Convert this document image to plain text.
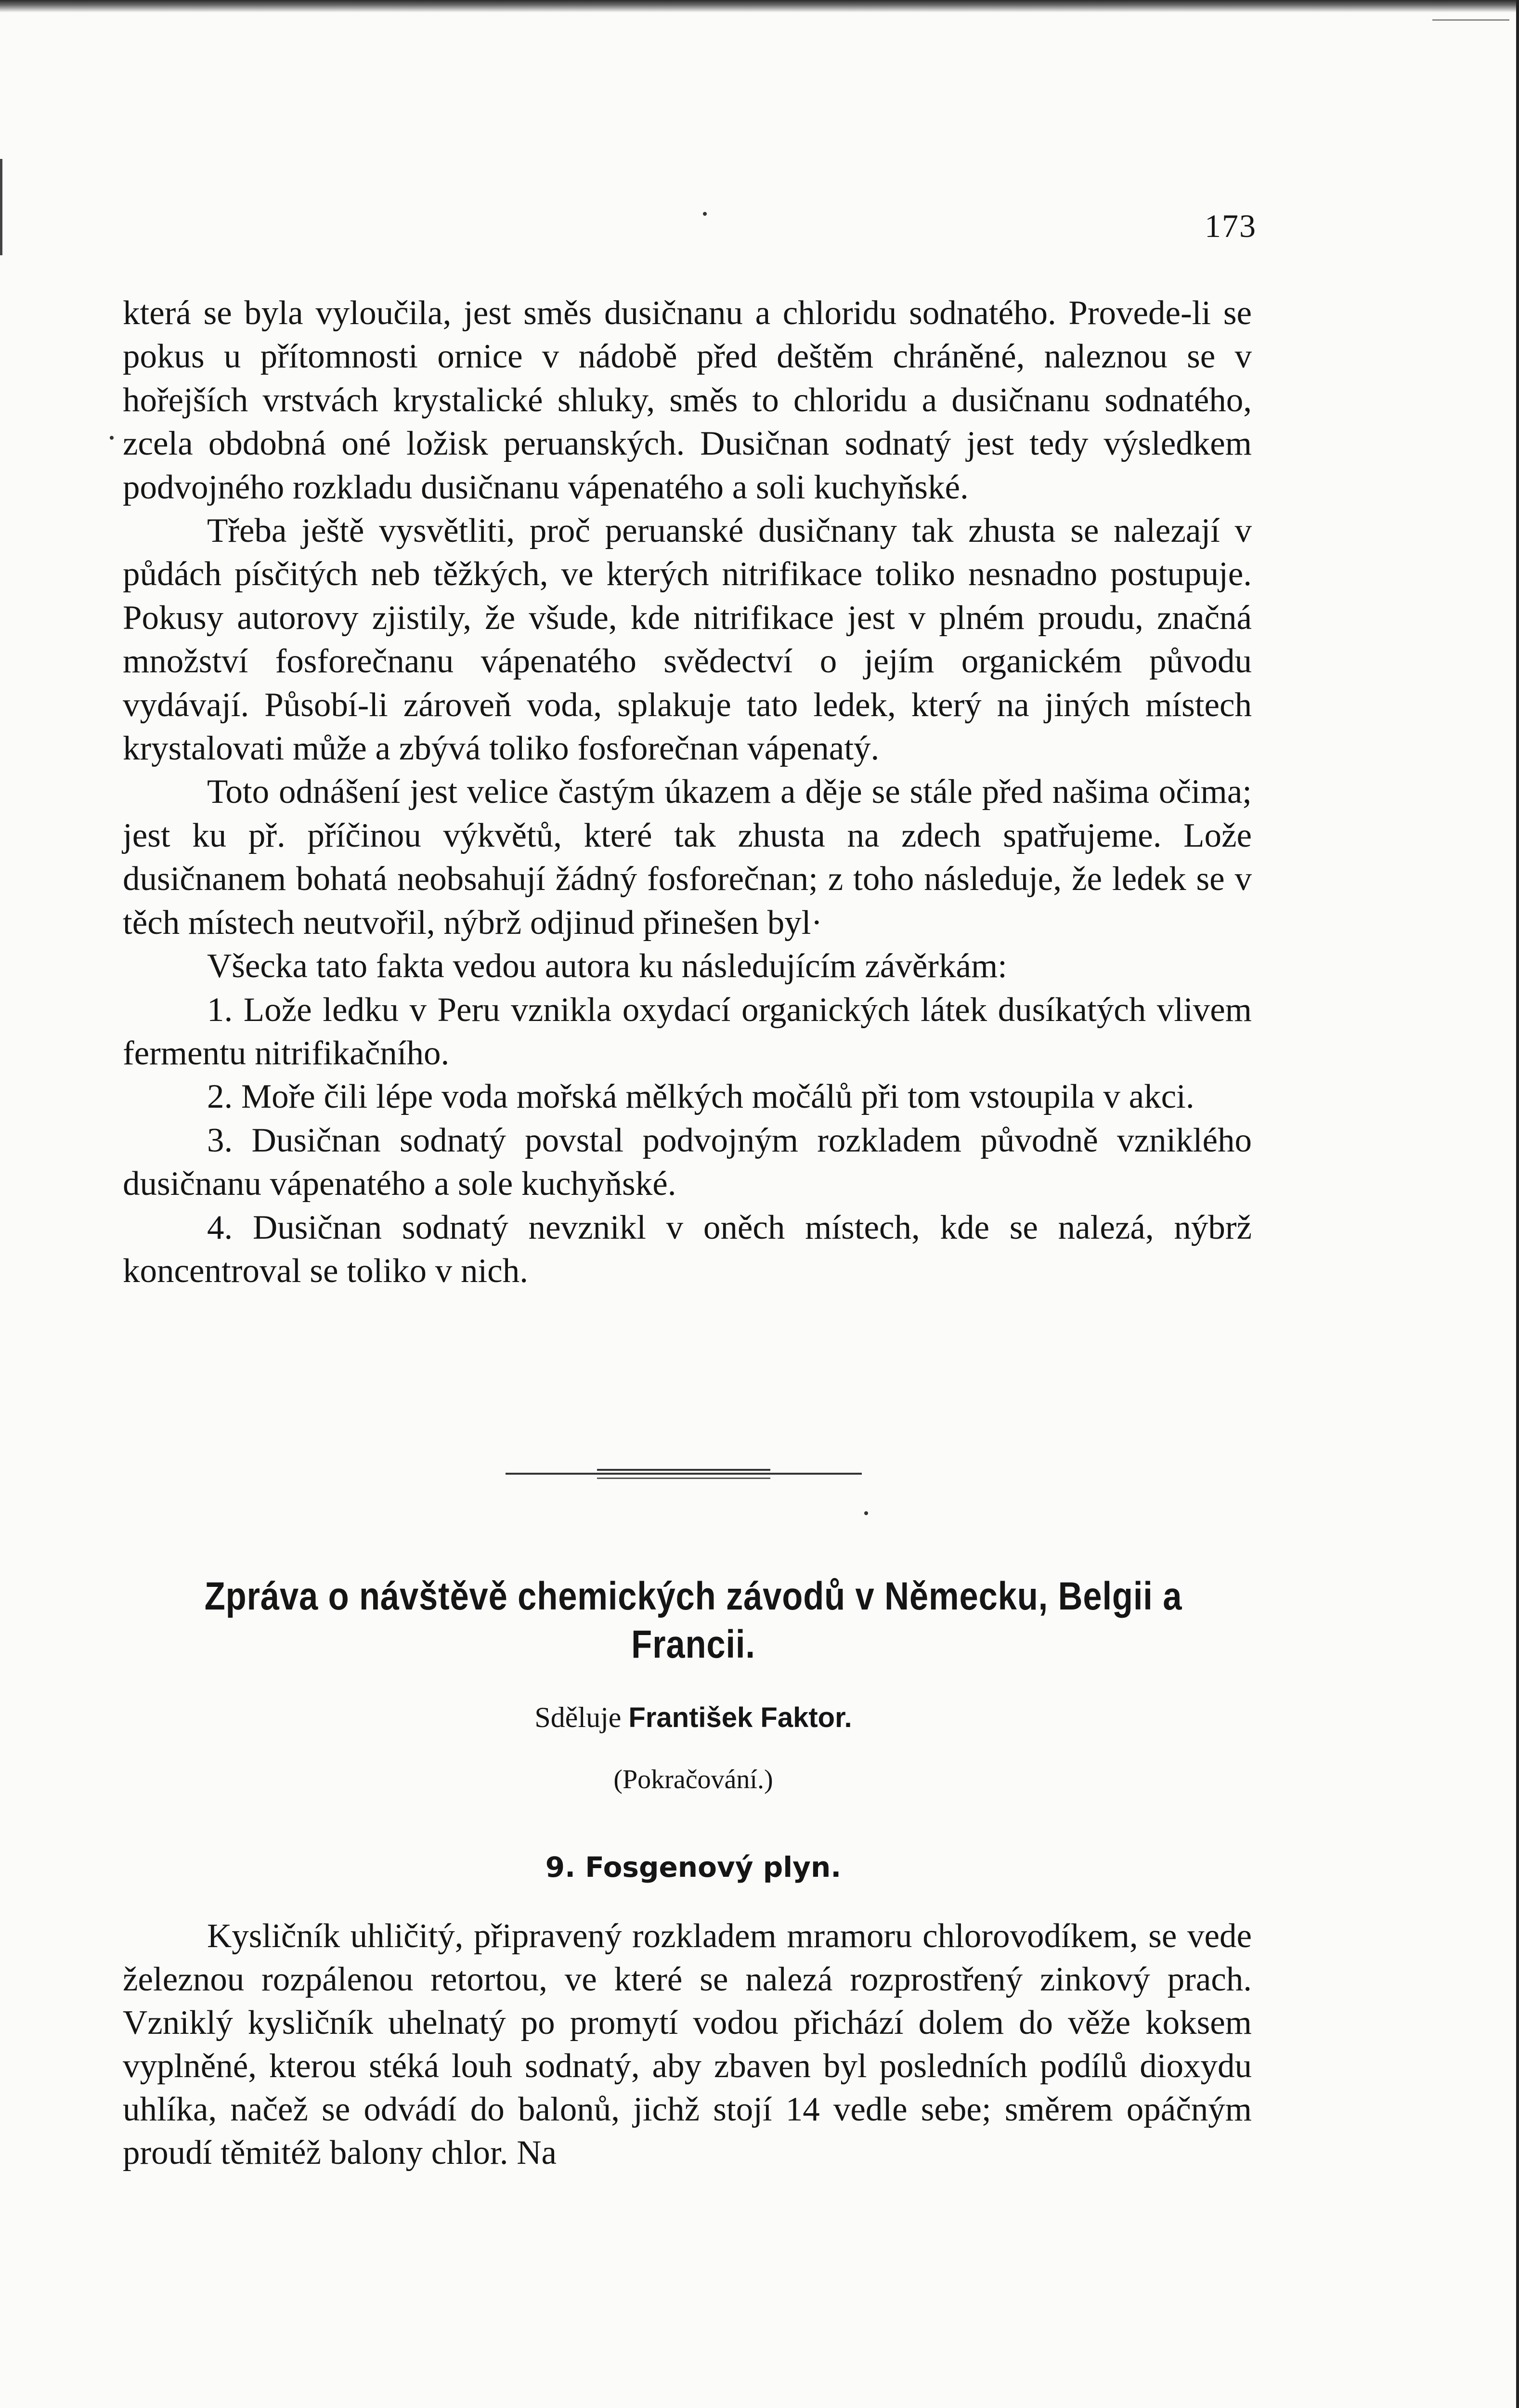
173

která se byla vyloučila, jest směs dusičnanu a chloridu sodnatého. Provede-li se pokus u přítomnosti ornice v nádobě před deštěm chráněné, naleznou se v hořejších vrstvách krystalické shluky, směs to chloridu a dusičnanu sodnatého, zcela obdobná oné ložisk peruanských. Dusičnan sodnatý jest tedy výsledkem podvojného rozkladu dusičnanu vápenatého a soli kuchyňské.

Třeba ještě vysvětliti, proč peruanské dusičnany tak zhusta se nalezají v půdách písčitých neb těžkých, ve kterých nitrifikace toliko nesnadno postupuje. Pokusy autorovy zjistily, že všude, kde nitrifikace jest v plném proudu, značná množství fosforečnanu vápenatého svědectví o jejím organickém původu vydávají. Působí-li zároveň voda, splakuje tato ledek, který na jiných místech krystalovati může a zbývá toliko fosforečnan vápenatý.

Toto odnášení jest velice častým úkazem a děje se stále před našima očima; jest ku př. příčinou výkvětů, které tak zhusta na zdech spatřujeme. Lože dusičnanem bohatá neobsahují žádný fosforečnan; z toho následuje, že ledek se v těch místech neutvořil, nýbrž odjinud přinešen byl·

Všecka tato fakta vedou autora ku následujícím závěrkám:

1. Lože ledku v Peru vznikla oxydací organických látek dusíkatých vlivem fermentu nitrifikačního.

2. Moře čili lépe voda mořská mělkých močálů při tom vstoupila v akci.

3. Dusičnan sodnatý povstal podvojným rozkladem původně vzniklého dusičnanu vápenatého a sole kuchyňské.

4. Dusičnan sodnatý nevznikl v oněch místech, kde se nalezá, nýbrž koncentroval se toliko v nich.

Zpráva o návštěvě chemických závodů v Německu, Belgii a Francii.
Sděluje František Faktor.
(Pokračování.)
9. Fosgenový plyn.

Kysličník uhličitý, připravený rozkladem mramoru chlorovodíkem, se vede železnou rozpálenou retortou, ve které se nalezá rozprostřený zinkový prach. Vzniklý kysličník uhelnatý po promytí vodou přichází dolem do věže koksem vyplněné, kterou stéká louh sodnatý, aby zbaven byl posledních podílů dioxydu uhlíka, načež se odvádí do balonů, jichž stojí 14 vedle sebe; směrem opáčným proudí těmitéž balony chlor. Na
